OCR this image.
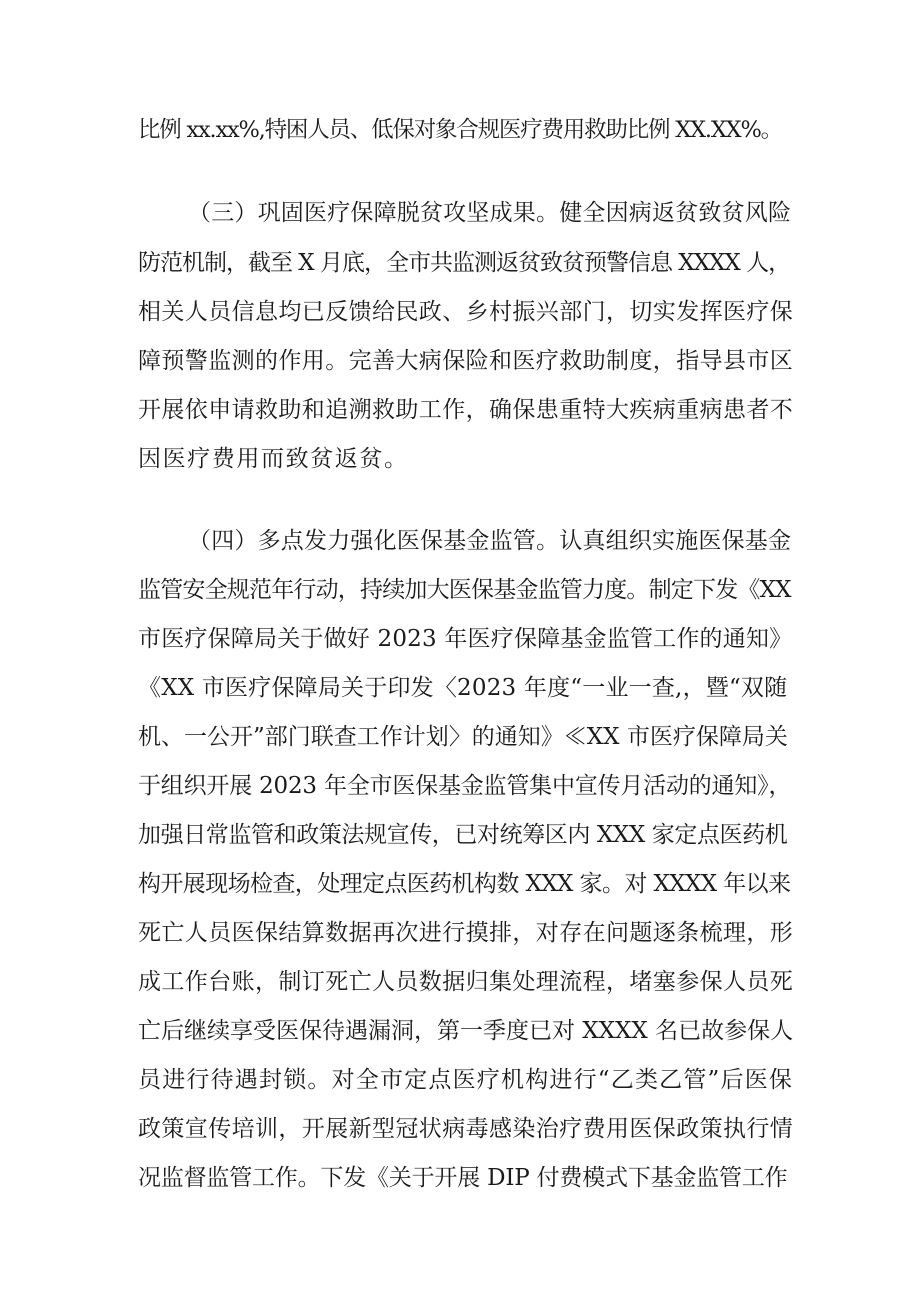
比例 xx.xx%,特困人员、低保对象合规医疗费用救助比例 XX.XX%。
（三）巩固医疗保障脱贫攻坚成果。健全因病返贫致贫风险
防范机制，截至 X 月底，全市共监测返贫致贫预警信息 XXXX 人，
相关人员信息均已反馈给民政、乡村振兴部门，切实发挥医疗保
障预警监测的作用。完善大病保险和医疗救助制度，指导县市区
开展依申请救助和追溯救助工作，确保患重特大疾病重病患者不
因医疗费用而致贫返贫。
（四）多点发力强化医保基金监管。认真组织实施医保基金
监管安全规范年行动，持续加大医保基金监管力度。制定下发《XX
市医疗保障局关于做好 2023 年医疗保障基金监管工作的通知》
《XX 市医疗保障局关于印发〈2023 年度“一业一查,，暨“双随
机、一公开”部门联查工作计划〉的通知》≪XX 市医疗保障局关
于组织开展 2023 年全市医保基金监管集中宣传月活动的通知》，
加强日常监管和政策法规宣传，已对统筹区内 XXX 家定点医药机
构开展现场检查，处理定点医药机构数 XXX 家。对 XXXX 年以来
死亡人员医保结算数据再次进行摸排，对存在问题逐条梳理，形
成工作台账，制订死亡人员数据归集处理流程，堵塞参保人员死
亡后继续享受医保待遇漏洞，第一季度已对 XXXX 名已故参保人
员进行待遇封锁。对全市定点医疗机构进行“乙类乙管”后医保
政策宣传培训，开展新型冠状病毒感染治疗费用医保政策执行情
况监督监管工作。下发《关于开展 DIP 付费模式下基金监管工作
